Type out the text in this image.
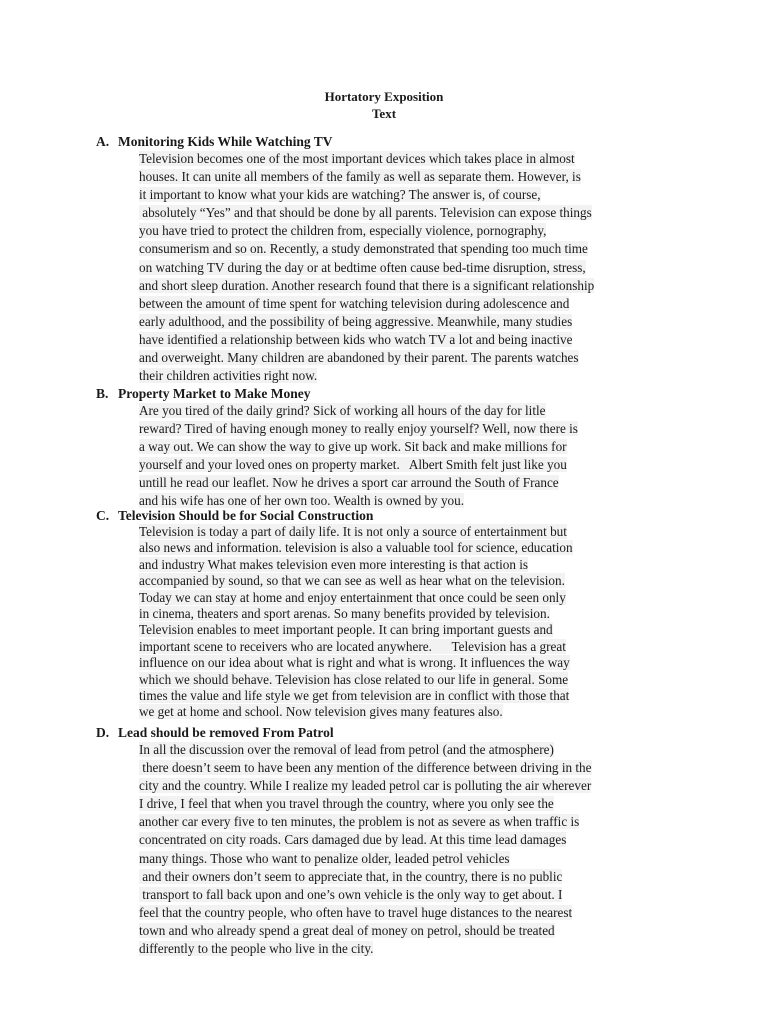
Hortatory Exposition
Text
A. Monitoring Kids While Watching TV
Television becomes one of the most important devices which takes place in almost
houses. It can unite all members of the family as well as separate them. However, is
it important to know what your kids are watching? The answer is, of course,
absolutely “Yes” and that should be done by all parents. Television can expose things
you have tried to protect the children from, especially violence, pornography,
consumerism and so on. Recently, a study demonstrated that spending too much time
on watching TV during the day or at bedtime often cause bed-time disruption, stress,
and short sleep duration. Another research found that there is a significant relationship
between the amount of time spent for watching television during adolescence and
early adulthood, and the possibility of being aggressive. Meanwhile, many studies
have identified a relationship between kids who watch TV a lot and being inactive
and overweight. Many children are abandoned by their parent. The parents watches
their children activities right now.
B. Property Market to Make Money
Are you tired of the daily grind? Sick of working all hours of the day for litle
reward? Tired of having enough money to really enjoy yourself? Well, now there is
a way out. We can show the way to give up work. Sit back and make millions for
yourself and your loved ones on property market.   Albert Smith felt just like you
untill he read our leaflet. Now he drives a sport car arround the South of France
and his wife has one of her own too. Wealth is owned by you.
C. Television Should be for Social Construction
Television is today a part of daily life. It is not only a source of entertainment but
also news and information. television is also a valuable tool for science, education
and industry What makes television even more interesting is that action is
accompanied by sound, so that we can see as well as hear what on the television.
Today we can stay at home and enjoy entertainment that once could be seen only
in cinema, theaters and sport arenas. So many benefits provided by television.
Television enables to meet important people. It can bring important guests and
important scene to receivers who are located anywhere.      Television has a great
influence on our idea about what is right and what is wrong. It influences the way
which we should behave. Television has close related to our life in general. Some
times the value and life style we get from television are in conflict with those that
we get at home and school. Now television gives many features also.
D. Lead should be removed From Patrol
In all the discussion over the removal of lead from petrol (and the atmosphere)
there doesn’t seem to have been any mention of the difference between driving in the
city and the country. While I realize my leaded petrol car is polluting the air wherever
I drive, I feel that when you travel through the country, where you only see the
another car every five to ten minutes, the problem is not as severe as when traffic is
concentrated on city roads. Cars damaged due by lead. At this time lead damages
many things. Those who want to penalize older, leaded petrol vehicles
and their owners don’t seem to appreciate that, in the country, there is no public
transport to fall back upon and one’s own vehicle is the only way to get about. I
feel that the country people, who often have to travel huge distances to the nearest
town and who already spend a great deal of money on petrol, should be treated
differently to the people who live in the city.
